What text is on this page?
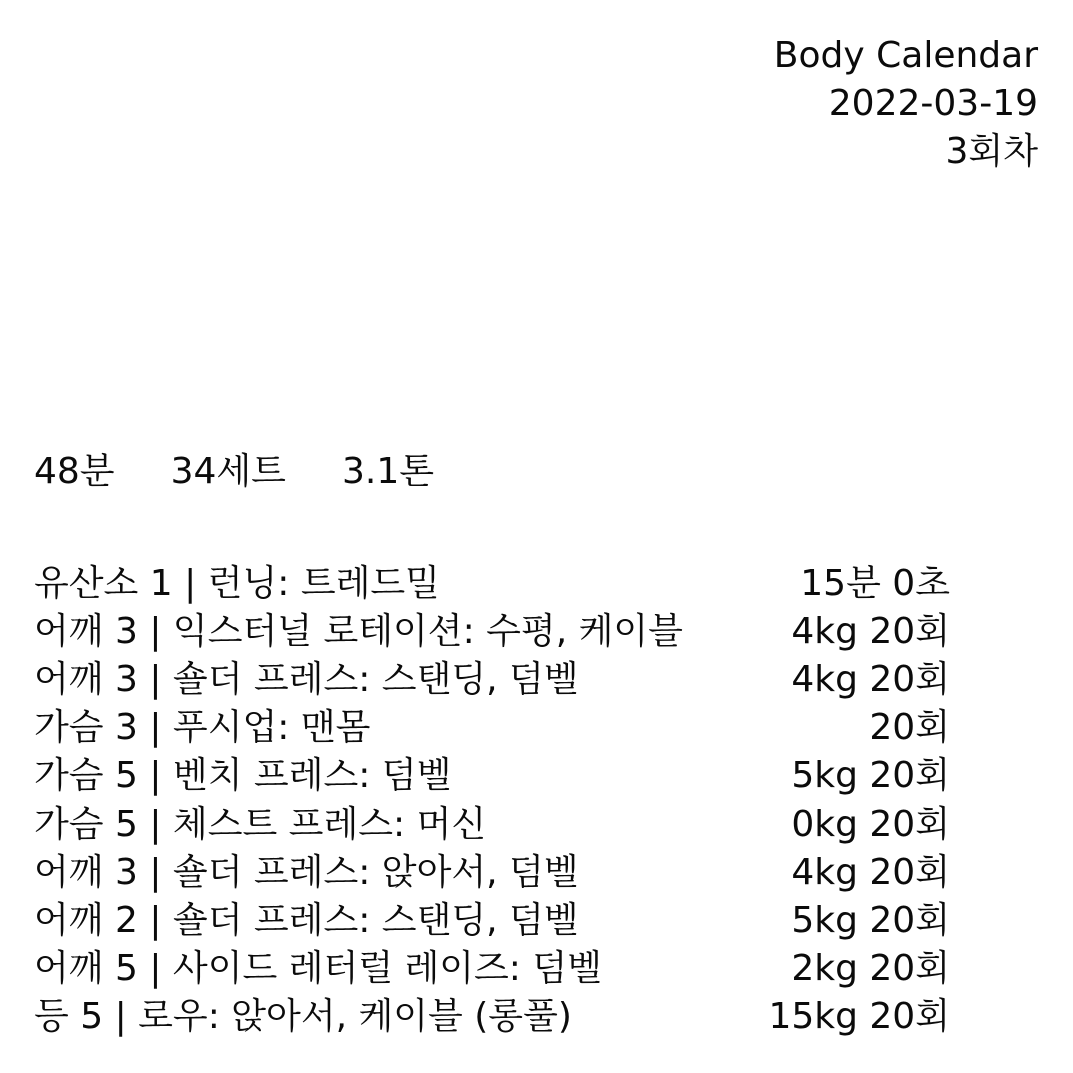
Body Calendar
2022-03-19
3회차
48분 34세트 3.1톤
유산소 1 | 런닝: 트레드밀	15분 0초
어깨 3 | 익스터널 로테이션: 수평, 케이블	4kg 20회
어깨 3 | 숄더 프레스: 스탠딩, 덤벨	4kg 20회
가슴 3 | 푸시업: 맨몸	20회
가슴 5 | 벤치 프레스: 덤벨	5kg 20회
가슴 5 | 체스트 프레스: 머신	0kg 20회
어깨 3 | 숄더 프레스: 앉아서, 덤벨	4kg 20회
어깨 2 | 숄더 프레스: 스탠딩, 덤벨	5kg 20회
어깨 5 | 사이드 레터럴 레이즈: 덤벨	2kg 20회
등 5 | 로우: 앉아서, 케이블 (롱풀)	15kg 20회
